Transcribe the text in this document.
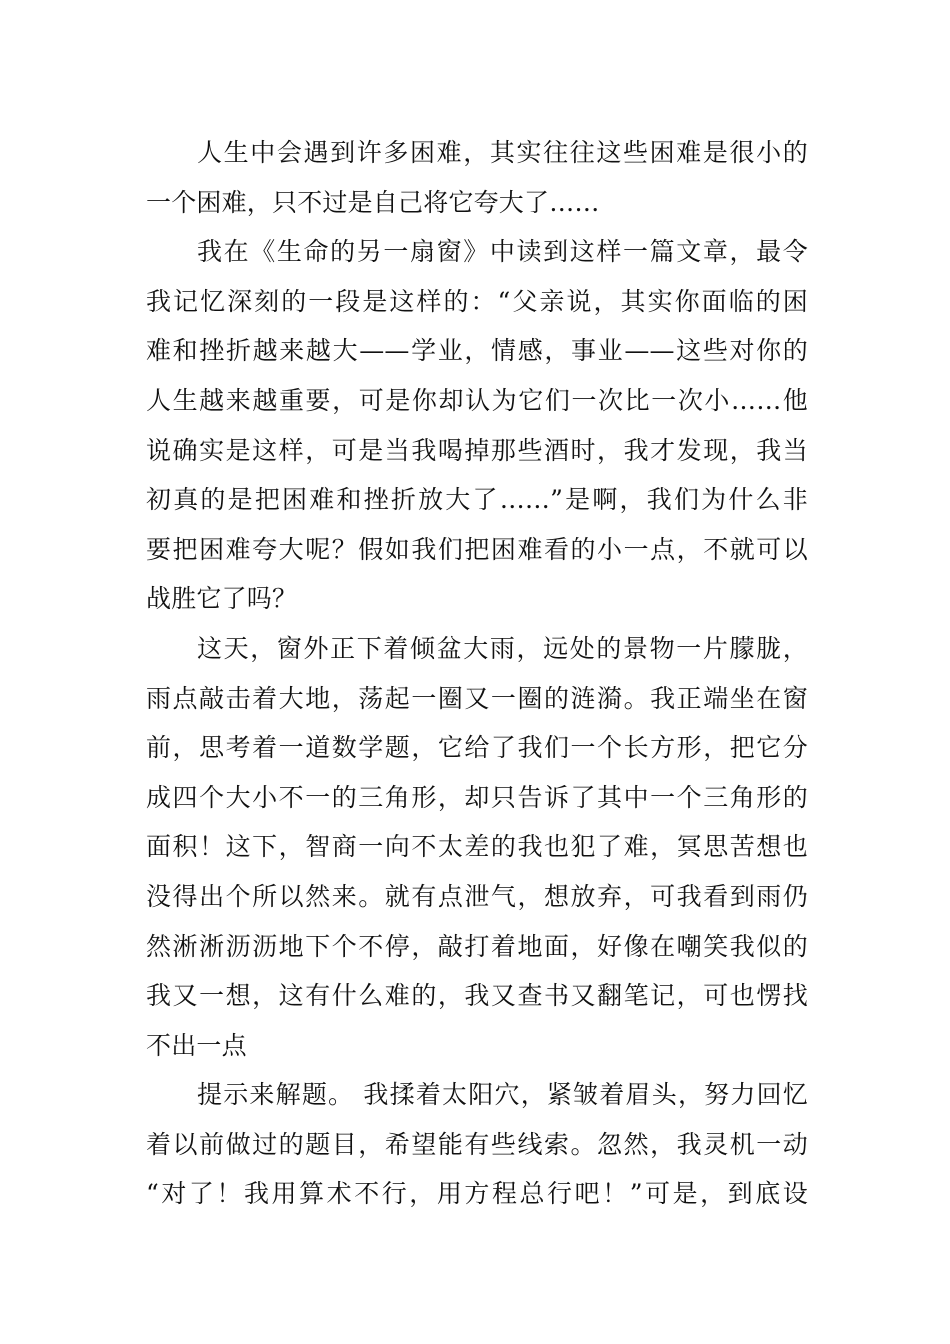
人生中会遇到许多困难，其实往往这些困难是很小的
一个困难，只不过是自己将它夸大了……
我在《生命的另一扇窗》中读到这样一篇文章，最令
我记忆深刻的一段是这样的：“父亲说，其实你面临的困
难和挫折越来越大——学业，情感，事业——这些对你的
人生越来越重要，可是你却认为它们一次比一次小……他
说确实是这样，可是当我喝掉那些酒时，我才发现，我当
初真的是把困难和挫折放大了……”是啊，我们为什么非
要把困难夸大呢？假如我们把困难看的小一点，不就可以
战胜它了吗？
这天，窗外正下着倾盆大雨，远处的景物一片朦胧，
雨点敲击着大地，荡起一圈又一圈的涟漪。我正端坐在窗
前，思考着一道数学题，它给了我们一个长方形，把它分
成四个大小不一的三角形，却只告诉了其中一个三角形的
面积！这下，智商一向不太差的我也犯了难，冥思苦想也
没得出个所以然来。就有点泄气，想放弃，可我看到雨仍
然淅淅沥沥地下个不停，敲打着地面，好像在嘲笑我似的
我又一想，这有什么难的，我又查书又翻笔记，可也愣找
不出一点
提示来解题。 我揉着太阳穴，紧皱着眉头，努力回忆
着以前做过的题目，希望能有些线索。忽然，我灵机一动
“对了！我用算术不行，用方程总行吧！”可是，到底设
